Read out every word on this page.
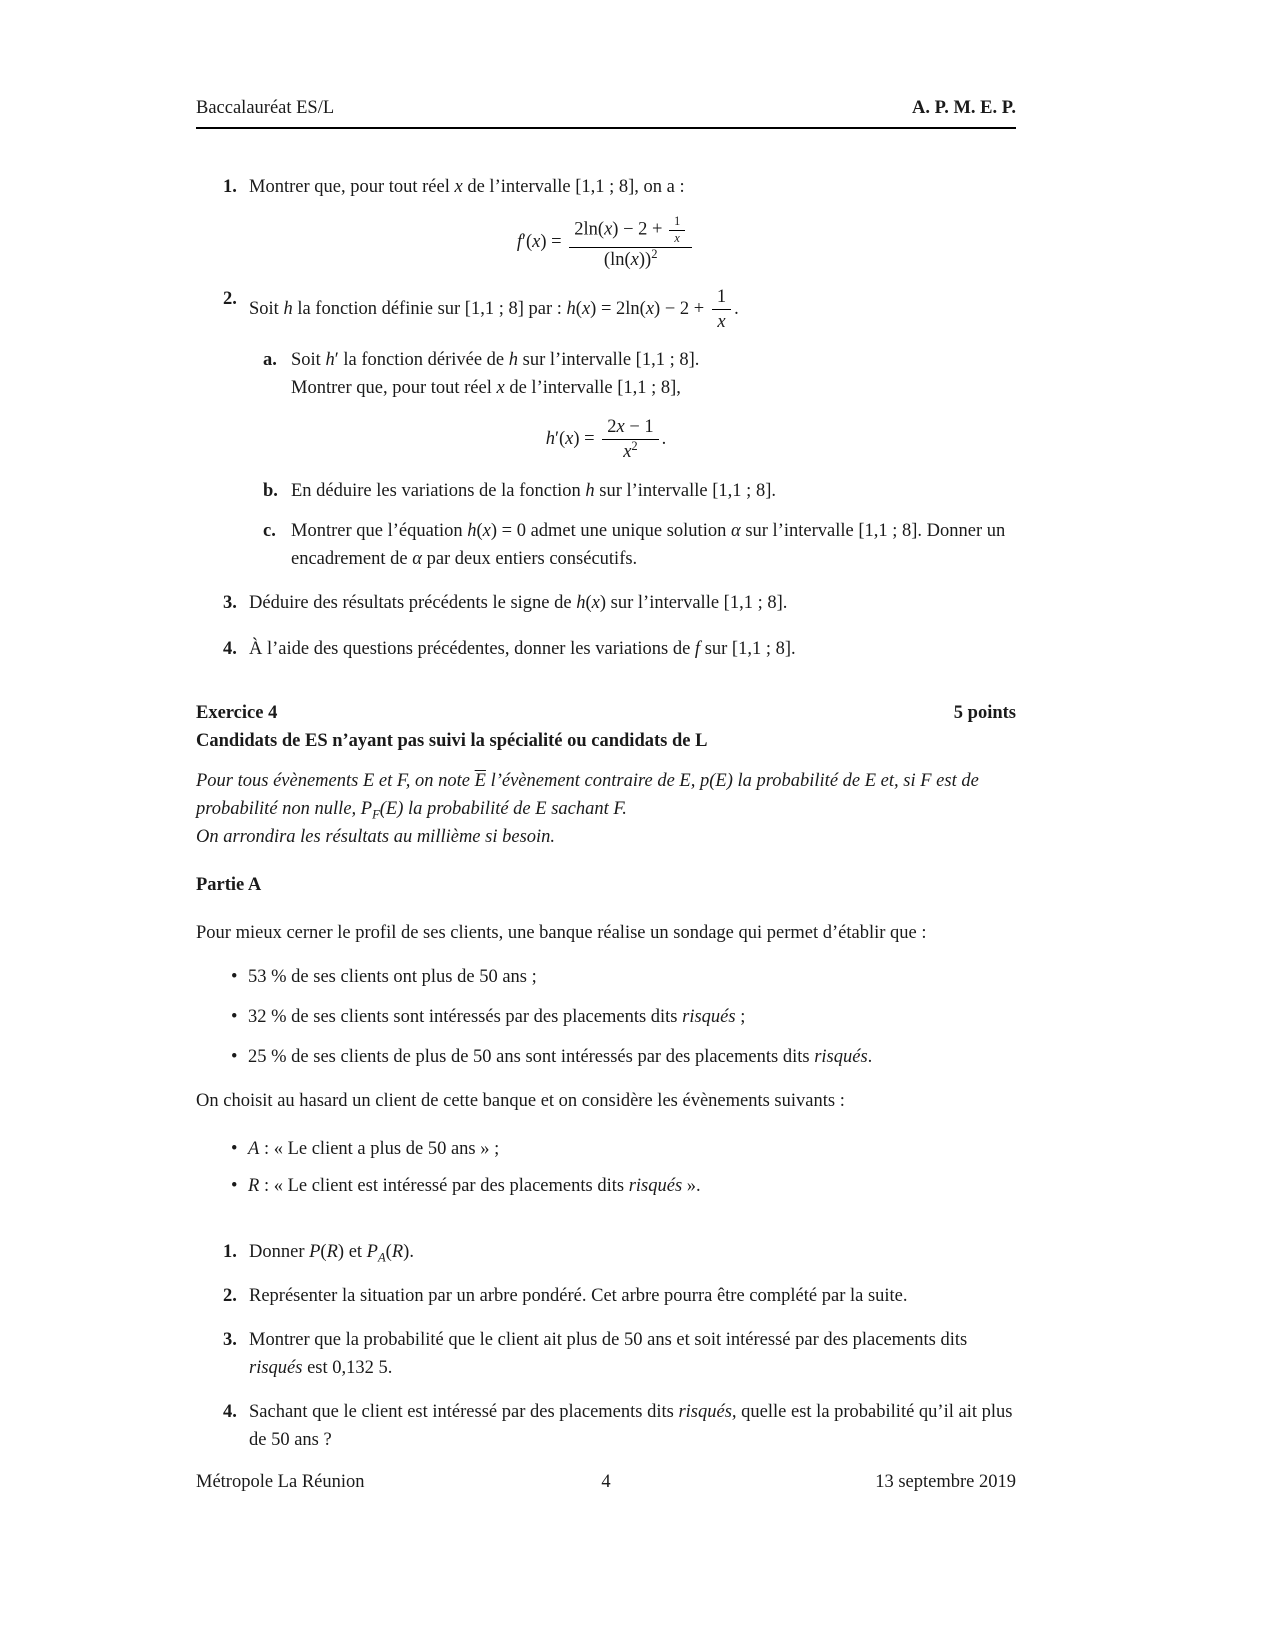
Baccalauréat ES/L	A. P. M. E. P.
1. Montrer que, pour tout réel x de l’intervalle [1,1 ; 8], on a :
$f'(x) = \frac{2\ln(x) - 2 + \frac{1}{x}}{(\ln(x))^2}$
2. Soit h la fonction définie sur [1,1 ; 8] par : $h(x) = 2\ln(x) - 2 + \frac{1}{x}$ .
a. Soit h′ la fonction dérivée de h sur l’intervalle [1,1 ; 8].
Montrer que, pour tout réel x de l’intervalle [1,1 ; 8],
$h'(x) = \frac{2x - 1}{x^2}$ .
b. En déduire les variations de la fonction h sur l’intervalle [1,1 ; 8].
c. Montrer que l’équation h(x) = 0 admet une unique solution α sur l’intervalle [1,1 ; 8]. Donner un encadrement de α par deux entiers consécutifs.
3. Déduire des résultats précédents le signe de h(x) sur l’intervalle [1,1 ; 8].
4. À l’aide des questions précédentes, donner les variations de f sur [1,1 ; 8].
Exercice 4	5 points
Candidats de ES n’ayant pas suivi la spécialité ou candidats de L
Pour tous évènements E et F, on note $\overline{E}$ l’évènement contraire de E, p(E) la probabilité de E et, si F est de probabilité non nulle, $P_F(E)$ la probabilité de E sachant F.
On arrondira les résultats au millième si besoin.
Partie A

Pour mieux cerner le profil de ses clients, une banque réalise un sondage qui permet d’établir que :

• 53 % de ses clients ont plus de 50 ans ;
• 32 % de ses clients sont intéressés par des placements dits risqués ;
• 25 % de ses clients de plus de 50 ans sont intéressés par des placements dits risqués.

On choisit au hasard un client de cette banque et on considère les évènements suivants :

• A : « Le client a plus de 50 ans » ;
• R : « Le client est intéressé par des placements dits risqués ».
1. Donner P(R) et $P_A(R)$.
2. Représenter la situation par un arbre pondéré. Cet arbre pourra être complété par la suite.
3. Montrer que la probabilité que le client ait plus de 50 ans et soit intéressé par des placements dits risqués est 0,132 5.
4. Sachant que le client est intéressé par des placements dits risqués, quelle est la probabilité qu’il ait plus de 50 ans ?
Métropole La Réunion	4	13 septembre 2019
